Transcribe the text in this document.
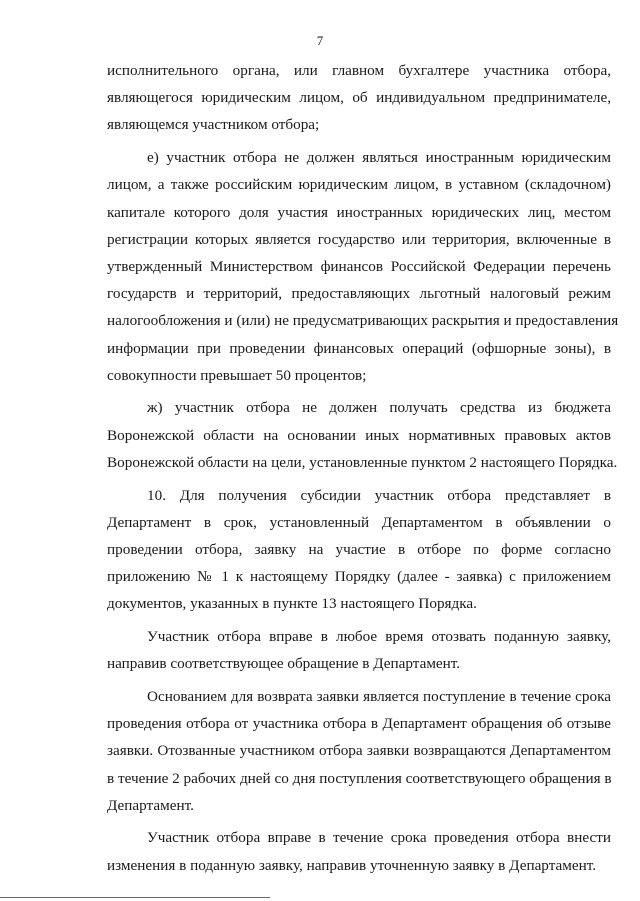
7
исполнительного органа, или главном бухгалтере участника отбора,
являющегося юридическим лицом, об индивидуальном предпринимателе,
являющемся участником отбора;
е) участник отбора не должен являться иностранным юридическим
лицом, а также российским юридическим лицом, в уставном (складочном)
капитале которого доля участия иностранных юридических лиц, местом
регистрации которых является государство или территория, включенные в
утвержденный Министерством финансов Российской Федерации перечень
государств и территорий, предоставляющих льготный налоговый режим
налогообложения и (или) не предусматривающих раскрытия и предоставления
информации при проведении финансовых операций (офшорные зоны), в
совокупности превышает 50 процентов;
ж) участник отбора не должен получать средства из бюджета
Воронежской области на основании иных нормативных правовых актов
Воронежской области на цели, установленные пунктом 2 настоящего Порядка.
10. Для получения субсидии участник отбора представляет в
Департамент в срок, установленный Департаментом в объявлении о
проведении отбора, заявку на участие в отборе по форме согласно
приложению № 1 к настоящему Порядку (далее - заявка) с приложением
документов, указанных в пункте 13 настоящего Порядка.
Участник отбора вправе в любое время отозвать поданную заявку,
направив соответствующее обращение в Департамент.
Основанием для возврата заявки является поступление в течение срока
проведения отбора от участника отбора в Департамент обращения об отзыве
заявки. Отозванные участником отбора заявки возвращаются Департаментом
в течение 2 рабочих дней со дня поступления соответствующего обращения в
Департамент.
Участник отбора вправе в течение срока проведения отбора внести
изменения в поданную заявку, направив уточненную заявку в Департамент.
